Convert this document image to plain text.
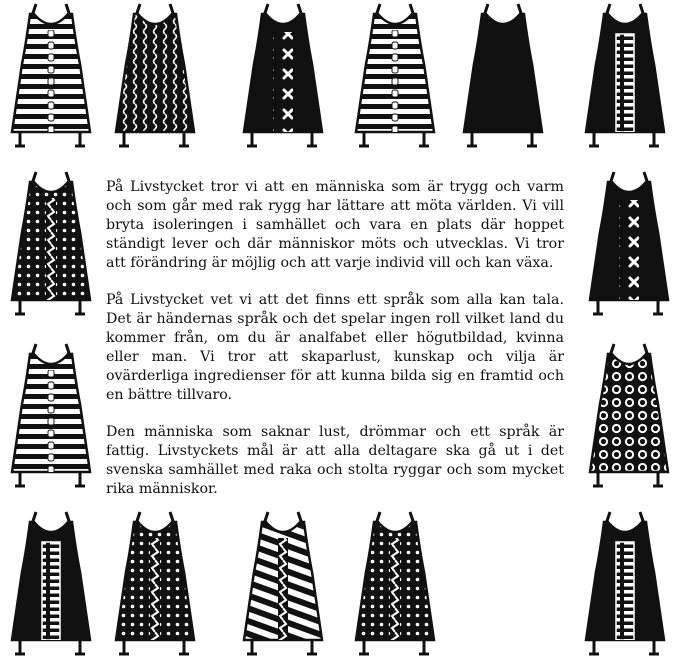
På Livstycket tror vi att en människa som är trygg och varm och som går med rak rygg har lättare att möta världen. Vi vill bryta isoleringen i samhället och vara en plats där hoppet ständigt lever och där människor möts och utvecklas. Vi tror att förändring är möjlig och att varje individ vill och kan växa.

På Livstycket vet vi att det finns ett språk som alla kan tala. Det är händernas språk och det spelar ingen roll vilket land du kommer från, om du är analfabet eller högutbildad, kvinna eller man. Vi tror att skaparlust, kunskap och vilja är ovärderliga ingredienser för att kunna bilda sig en framtid och en bättre tillvaro.

Den människa som saknar lust, drömmar och ett språk är fattig. Livstyckets mål är att alla deltagare ska gå ut i det svenska samhället med raka och stolta ryggar och som mycket rika människor.
